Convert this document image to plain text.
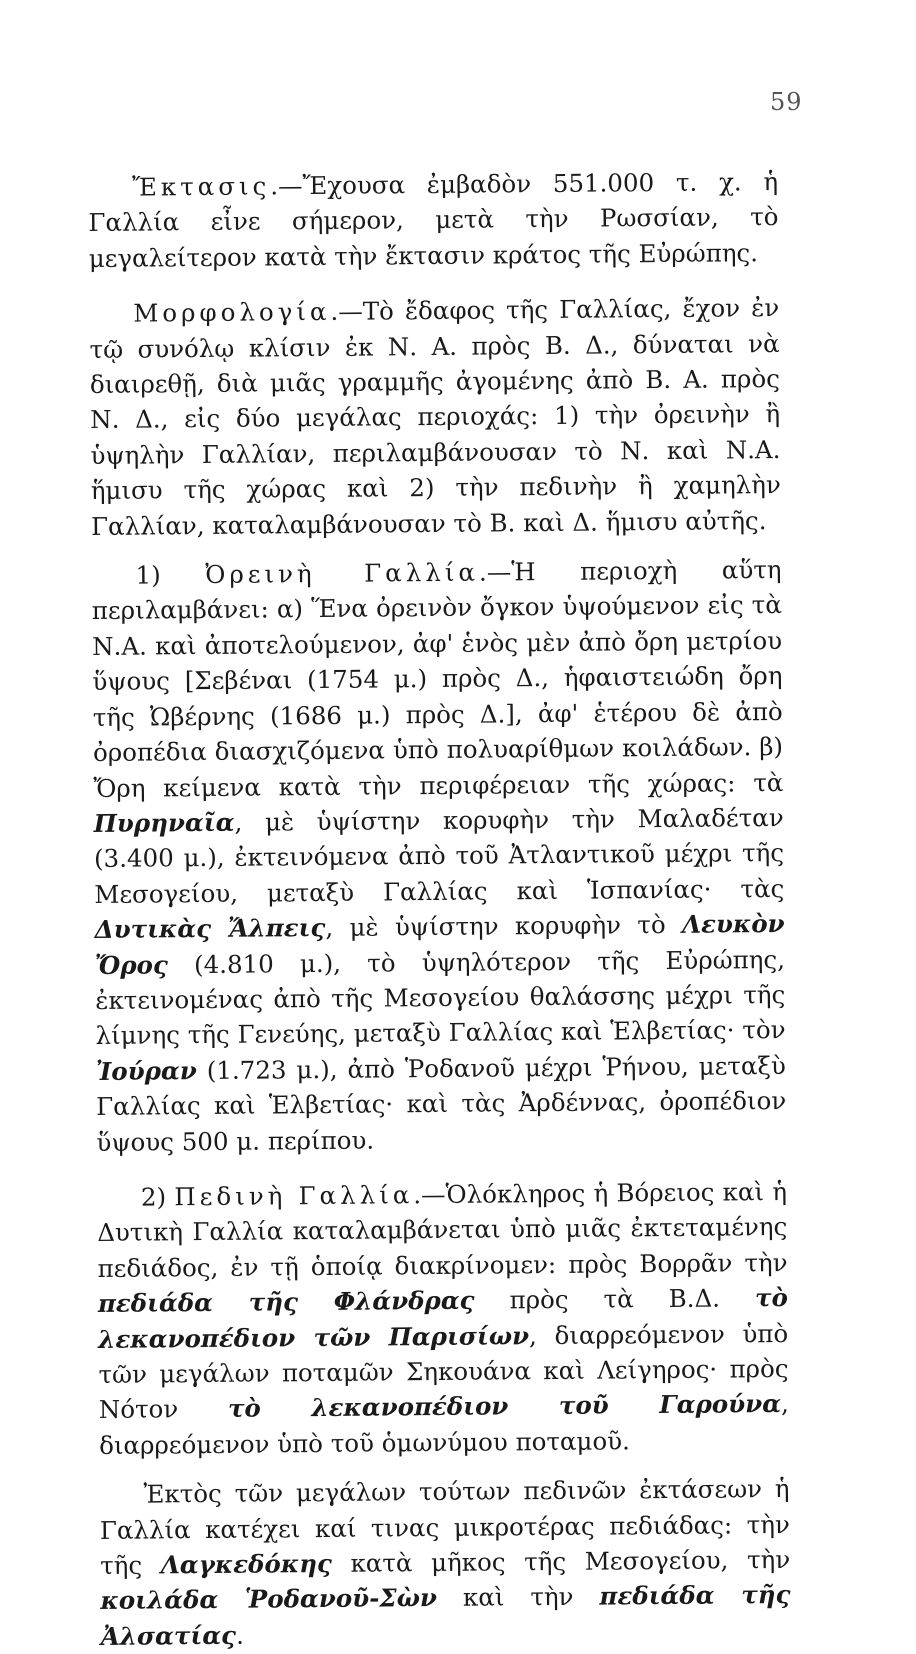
59

Ἔκτασις.—Ἔχουσα ἐμβαδὸν 551.000 τ. χ. ἡ Γαλλία εἶνε σήμερον, μετὰ τὴν Ρωσσίαν, τὸ μεγαλείτερον κατὰ τὴν ἔκτασιν κράτος τῆς Εὐρώπης.

Μορφολογία.—Τὸ ἔδαφος τῆς Γαλλίας, ἔχον ἐν τῷ συνόλῳ κλίσιν ἐκ Ν. Α. πρὸς Β. Δ., δύναται νὰ διαιρεθῇ, διὰ μιᾶς γραμμῆς ἀγομένης ἀπὸ Β. Α. πρὸς Ν. Δ., εἰς δύο μεγάλας περιοχάς: 1) τὴν ὀρεινὴν ἢ ὑψηλὴν Γαλλίαν, περιλαμβάνουσαν τὸ Ν. καὶ Ν.Α. ἥμισυ τῆς χώρας καὶ 2) τὴν πεδινὴν ἢ χαμηλὴν Γαλλίαν, καταλαμβάνουσαν τὸ Β. καὶ Δ. ἥμισυ αὐτῆς.

1) Ὀρεινὴ Γαλλία.—Ἡ περιοχὴ αὕτη περιλαμβάνει: α) Ἕνα ὀρεινὸν ὄγκον ὑψούμενον εἰς τὰ Ν.Α. καὶ ἀποτελούμενον, ἀφ' ἑνὸς μὲν ἀπὸ ὄρη μετρίου ὕψους [Σεβέναι (1754 μ.) πρὸς Δ., ἡφαιστειώδη ὄρη τῆς Ὠβέρνης (1686 μ.) πρὸς Δ.], ἀφ' ἑτέρου δὲ ἀπὸ ὀροπέδια διασχιζόμενα ὑπὸ πολυαρίθμων κοιλάδων. β) Ὄρη κείμενα κατὰ τὴν περιφέρειαν τῆς χώρας: τὰ Πυρηναῖα, μὲ ὑψίστην κορυφὴν τὴν Μαλαδέταν (3.400 μ.), ἐκτεινόμενα ἀπὸ τοῦ Ἀτλαντικοῦ μέχρι τῆς Μεσογείου, μεταξὺ Γαλλίας καὶ Ἱσπανίας· τὰς Δυτικὰς Ἄλπεις, μὲ ὑψίστην κορυφὴν τὸ Λευκὸν Ὄρος (4.810 μ.), τὸ ὑψηλότερον τῆς Εὐρώπης, ἐκτεινομένας ἀπὸ τῆς Μεσογείου θαλάσσης μέχρι τῆς λίμνης τῆς Γενεύης, μεταξὺ Γαλλίας καὶ Ἑλβετίας· τὸν Ἰούραν (1.723 μ.), ἀπὸ Ῥοδανοῦ μέχρι Ῥήνου, μεταξὺ Γαλλίας καὶ Ἑλβετίας· καὶ τὰς Ἀρδέννας, ὀροπέδιον ὕψους 500 μ. περίπου.

2) Πεδινὴ Γαλλία.—Ὁλόκληρος ἡ Βόρειος καὶ ἡ Δυτικὴ Γαλλία καταλαμβάνεται ὑπὸ μιᾶς ἐκτεταμένης πεδιάδος, ἐν τῇ ὁποίᾳ διακρίνομεν: πρὸς Βορρᾶν τὴν πεδιάδα τῆς Φλάνδρας πρὸς τὰ Β.Δ. τὸ λεκανοπέδιον τῶν Παρισίων, διαρρεόμενον ὑπὸ τῶν μεγάλων ποταμῶν Σηκουάνα καὶ Λείγηρος· πρὸς Νότον τὸ λεκανοπέδιον τοῦ Γαρούνα, διαρρεόμενον ὑπὸ τοῦ ὁμωνύμου ποταμοῦ.

Ἐκτὸς τῶν μεγάλων τούτων πεδινῶν ἐκτάσεων ἡ Γαλλία κατέχει καί τινας μικροτέρας πεδιάδας: τὴν τῆς Λαγκεδόκης κατὰ μῆκος τῆς Μεσογείου, τὴν κοιλάδα Ῥοδανοῦ-Σὼν καὶ τὴν πεδιάδα τῆς Ἀλσατίας.
